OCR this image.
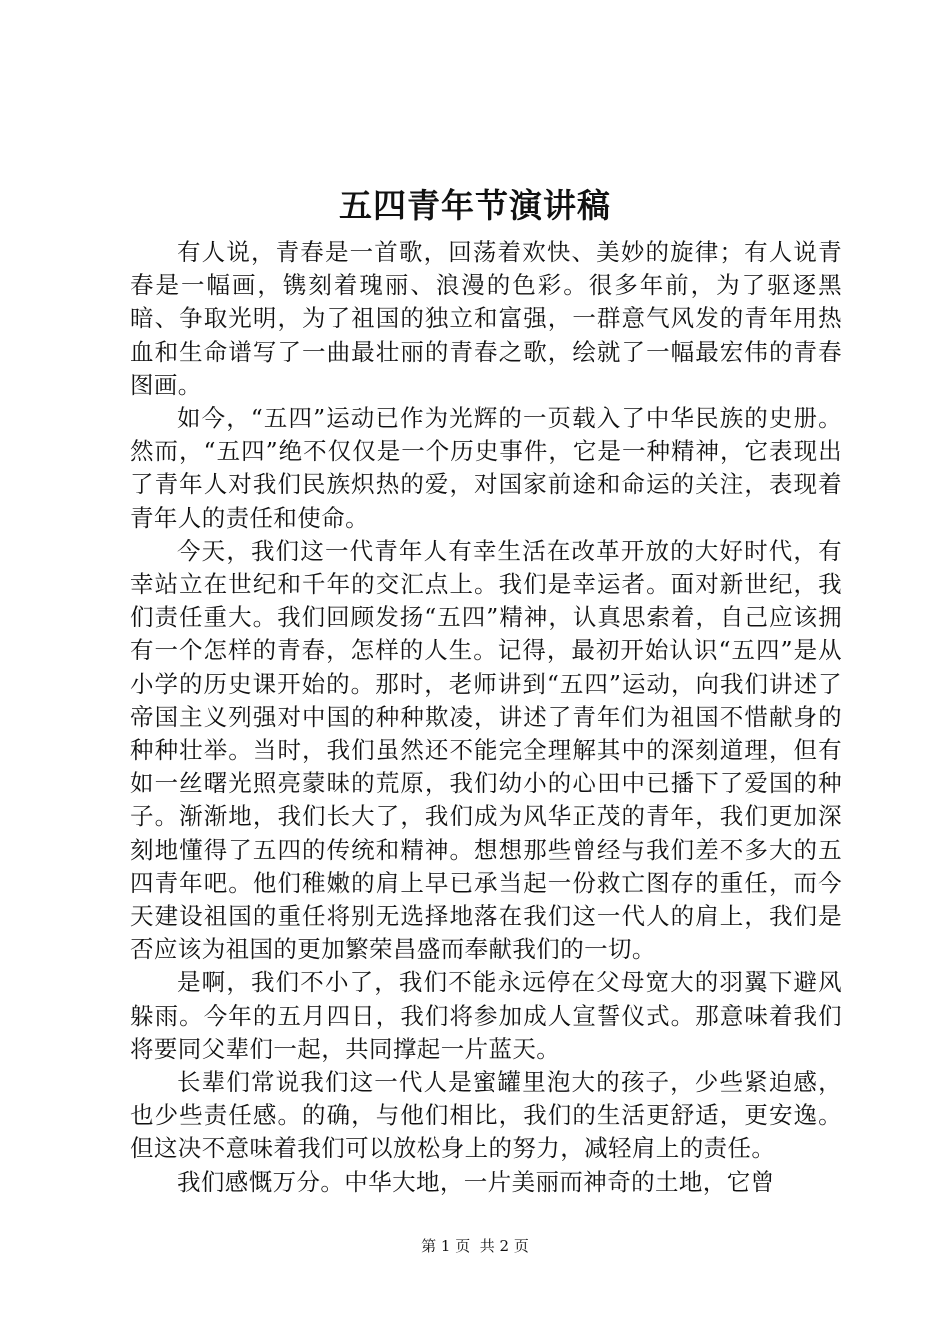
五四青年节演讲稿

有人说，青春是一首歌，回荡着欢快、美妙的旋律；有人说青春是一幅画，镌刻着瑰丽、浪漫的色彩。很多年前，为了驱逐黑暗、争取光明，为了祖国的独立和富强，一群意气风发的青年用热血和生命谱写了一曲最壮丽的青春之歌，绘就了一幅最宏伟的青春图画。

如今，“五四”运动已作为光辉的一页载入了中华民族的史册。然而，“五四”绝不仅仅是一个历史事件，它是一种精神，它表现出了青年人对我们民族炽热的爱，对国家前途和命运的关注，表现着青年人的责任和使命。

今天，我们这一代青年人有幸生活在改革开放的大好时代，有幸站立在世纪和千年的交汇点上。我们是幸运者。面对新世纪，我们责任重大。我们回顾发扬“五四”精神，认真思索着，自己应该拥有一个怎样的青春，怎样的人生。记得，最初开始认识“五四”是从小学的历史课开始的。那时，老师讲到“五四”运动，向我们讲述了帝国主义列强对中国的种种欺凌，讲述了青年们为祖国不惜献身的种种壮举。当时，我们虽然还不能完全理解其中的深刻道理，但有如一丝曙光照亮蒙昧的荒原，我们幼小的心田中已播下了爱国的种子。渐渐地，我们长大了，我们成为风华正茂的青年，我们更加深刻地懂得了五四的传统和精神。想想那些曾经与我们差不多大的五四青年吧。他们稚嫩的肩上早已承当起一份救亡图存的重任，而今天建设祖国的重任将别无选择地落在我们这一代人的肩上，我们是否应该为祖国的更加繁荣昌盛而奉献我们的一切。

是啊，我们不小了，我们不能永远停在父母宽大的羽翼下避风躲雨。今年的五月四日，我们将参加成人宣誓仪式。那意味着我们将要同父辈们一起，共同撑起一片蓝天。

长辈们常说我们这一代人是蜜罐里泡大的孩子，少些紧迫感，也少些责任感。的确，与他们相比，我们的生活更舒适，更安逸。但这决不意味着我们可以放松身上的努力，减轻肩上的责任。

我们感慨万分。中华大地，一片美丽而神奇的土地，它曾

第 1 页  共 2 页
